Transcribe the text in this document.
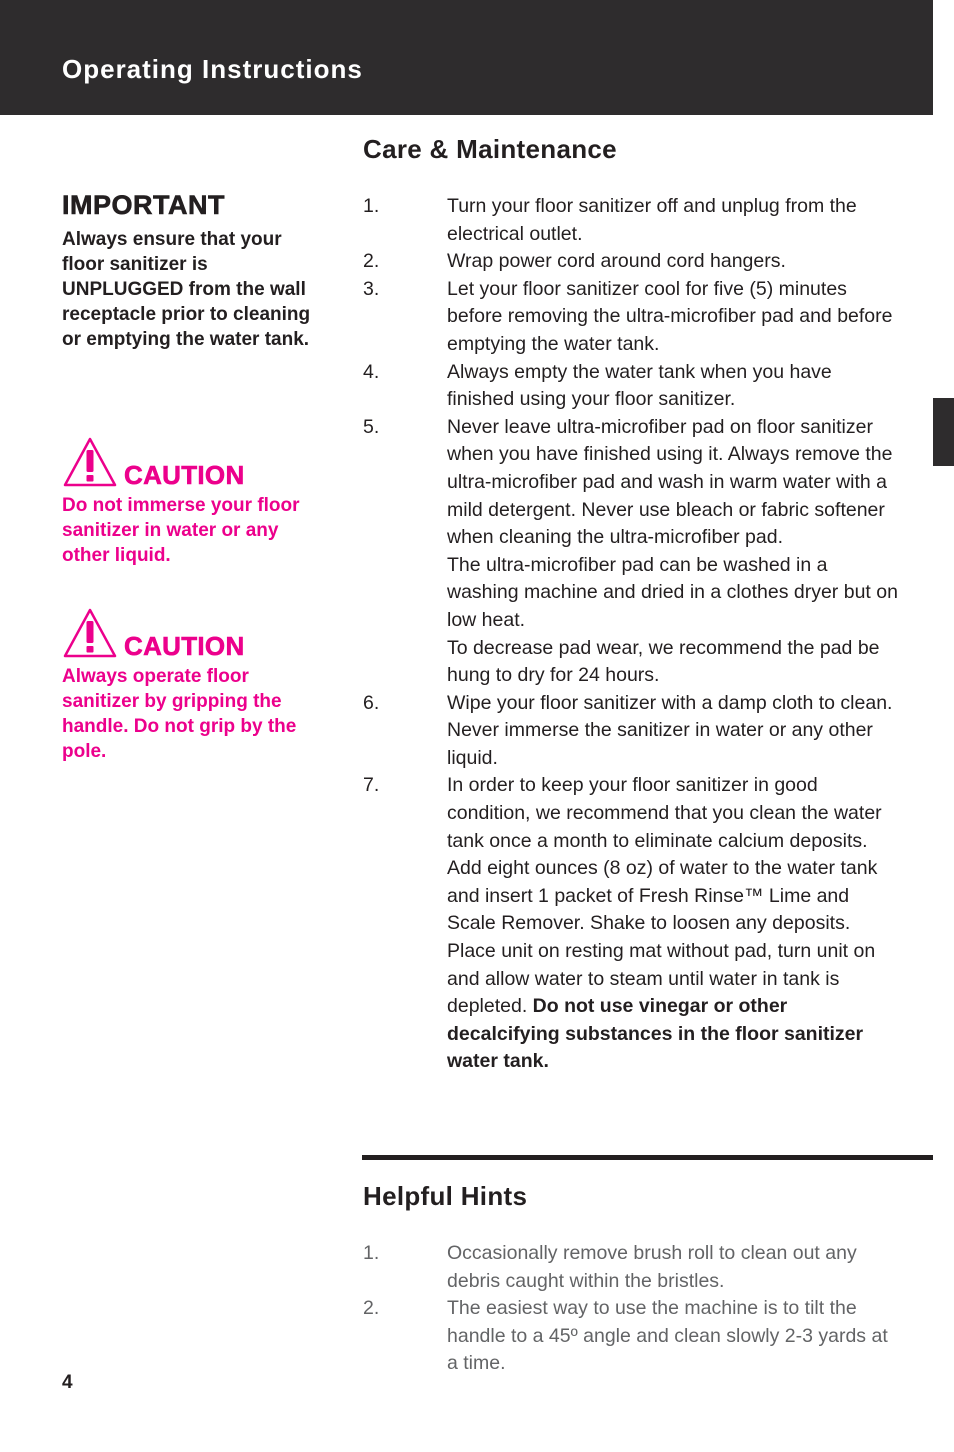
Operating Instructions
IMPORTANT

Always ensure that your floor sanitizer is UNPLUGGED from the wall receptacle prior to cleaning or emptying the water tank.

CAUTION

Do not immerse your floor sanitizer in water or any other liquid.

CAUTION

Always operate floor sanitizer by gripping the handle. Do not grip by the pole.

Care & Maintenance
1.	Turn your floor sanitizer off and unplug from the electrical outlet.

2.	Wrap power cord around cord hangers.

3.	Let your floor sanitizer cool for five (5) minutes before removing the ultra-microfiber pad and before emptying the water tank.

4.	Always empty the water tank when you have finished using your floor sanitizer.

5.	Never leave ultra-microfiber pad on floor sanitizer when you have finished using it. Always remove the ultra-microfiber pad and wash in warm water with a mild detergent. Never use bleach or fabric softener when cleaning the ultra-microfiber pad.

The ultra-microfiber pad can be washed in a washing machine and dried in a clothes dryer but on low heat.

To decrease pad wear, we recommend the pad be hung to dry for 24 hours.

6.	Wipe your floor sanitizer with a damp cloth to clean. Never immerse the sanitizer in water or any other liquid.

7.	In order to keep your floor sanitizer in good condition, we recommend that you clean the water tank once a month to eliminate calcium deposits. Add eight ounces (8 oz) of water to the water tank and insert 1 packet of Fresh Rinse™ Lime and Scale Remover. Shake to loosen any deposits. Place unit on resting mat without pad, turn unit on and allow water to steam until water in tank is depleted. Do not use vinegar or other decalcifying substances in the floor sanitizer water tank.

Helpful Hints
1.	Occasionally remove brush roll to clean out any debris caught within the bristles.

2.	The easiest way to use the machine is to tilt the handle to a 45º angle and clean slowly 2-3 yards at a time.

4
